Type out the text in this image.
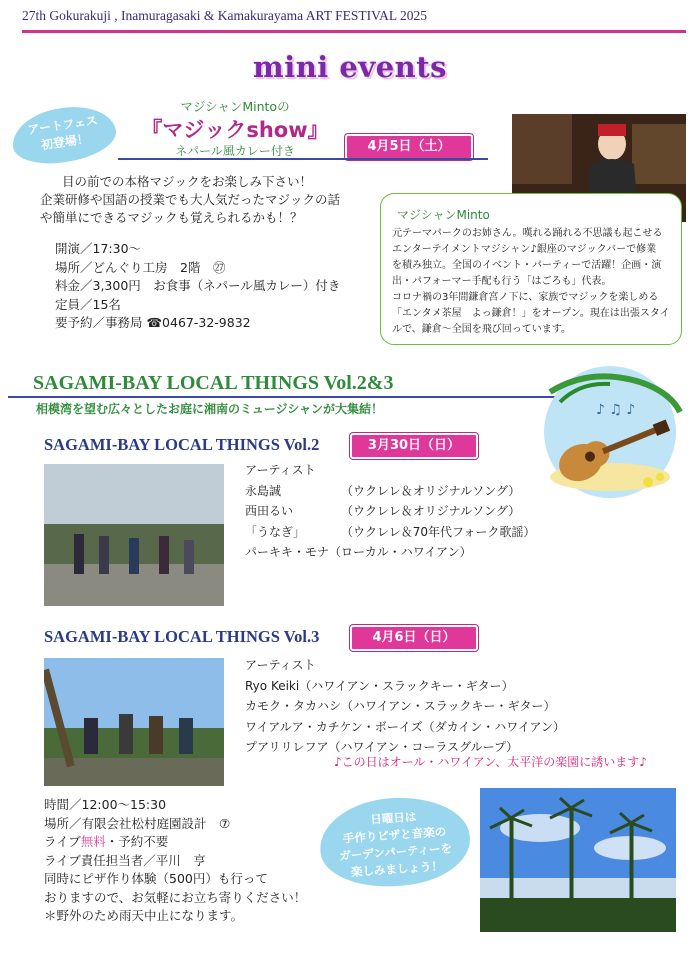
27th Gokurakuji , Inamuragasaki & Kamakurayama ART FESTIVAL 2025
mini events
アートフェス
初登場！
マジシャンMintoの
『マジックshow』
ネパール風カレー付き	4月5日（土）
目の前での本格マジックをお楽しみ下さい！
企業研修や国語の授業でも大人気だったマジックの話
や簡単にできるマジックも覚えられるかも！？
開演／17:30～
場所／どんぐり工房　2階　㉗
料金／3,300円　お食事（ネパール風カレー）付き
定員／15名
要予約／事務局 ☎0467-32-9832
マジシャンMinto
元テーマパークのお姉さん。嘆れる踊れる不思議も起こせる
エンターテイメントマジシャン♪銀座のマジックバーで修業
を積み独立。全国のイベント・パーティーで活躍！企画・演
出・パフォーマー手配も行う「はごろも」代表。
コロナ禍の3年間鎌倉宮ノ下に、家族でマジックを楽しめる
「エンタメ茶屋　よっ鎌倉！」をオープン。現在は出張スタイ
ルで、鎌倉～全国を飛び回っています。
SAGAMI-BAY LOCAL THINGS Vol.2&3
相模湾を望む広々としたお庭に湘南のミュージシャンが大集結！	♪ ♫ ♪
SAGAMI-BAY LOCAL THINGS Vol.2	3月30日（日）
アーティスト
永島誠	（ウクレレ＆オリジナルソング）
西田るい	（ウクレレ＆オリジナルソング）
「うなぎ」	（ウクレレ＆70年代フォーク歌謡）
パーキキ・モナ（ローカル・ハワイアン）
SAGAMI-BAY LOCAL THINGS Vol.3	4月6日（日）
アーティスト
Ryo Keiki（ハワイアン・スラックキー・ギター）
カモク・タカハシ（ハワイアン・スラックキー・ギター）
ワイアルア・カチケン・ボーイズ（ダカイン・ハワイアン）
プアリリレフア（ハワイアン・コーラスグループ）
♪この日はオール・ハワイアン、太平洋の楽園に誘います♪
時間／12:00～15:30
場所／有限会社松村庭園設計　⑦
ライブ無料・予約不要
ライブ責任担当者／平川　亨
同時にピザ作り体験（500円）も行って
おりますので、お気軽にお立ち寄りください！
＊野外のため雨天中止になります。
日曜日は
手作りピザと音楽の
ガーデンパーティーを
楽しみましょう！
